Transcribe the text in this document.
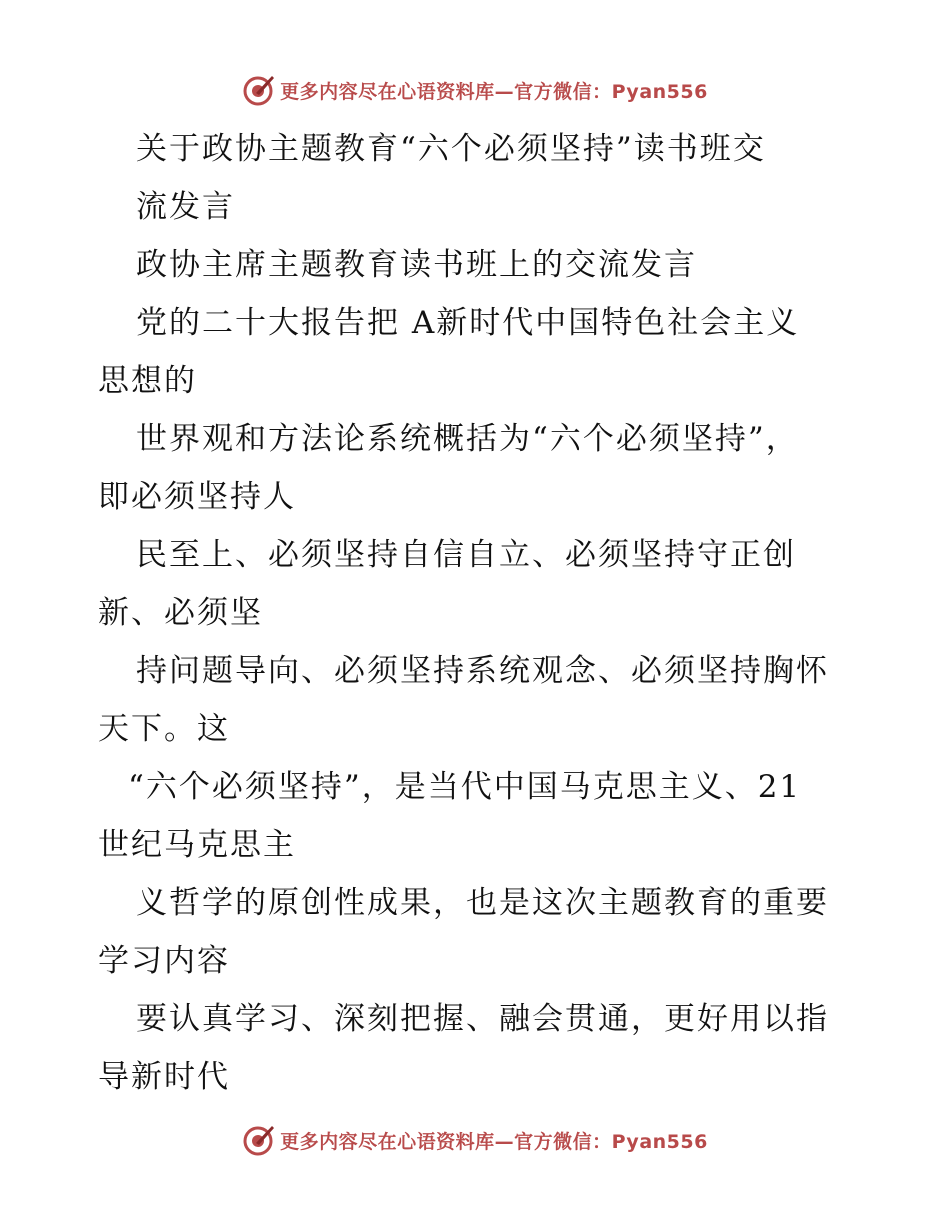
更多内容尽在心语资料库—官方微信：Pyan556
关于政协主题教育“六个必须坚持”读书班交
流发言
政协主席主题教育读书班上的交流发言
党的二十大报告把 A新时代中国特色社会主义
思想的
世界观和方法论系统概括为“六个必须坚持”，
即必须坚持人
民至上、必须坚持自信自立、必须坚持守正创
新、必须坚
持问题导向、必须坚持系统观念、必须坚持胸怀
天下。这
“六个必须坚持”，是当代中国马克思主义、21
世纪马克思主
义哲学的原创性成果，也是这次主题教育的重要
学习内容
要认真学习、深刻把握、融会贯通，更好用以指
导新时代
更多内容尽在心语资料库—官方微信：Pyan556
